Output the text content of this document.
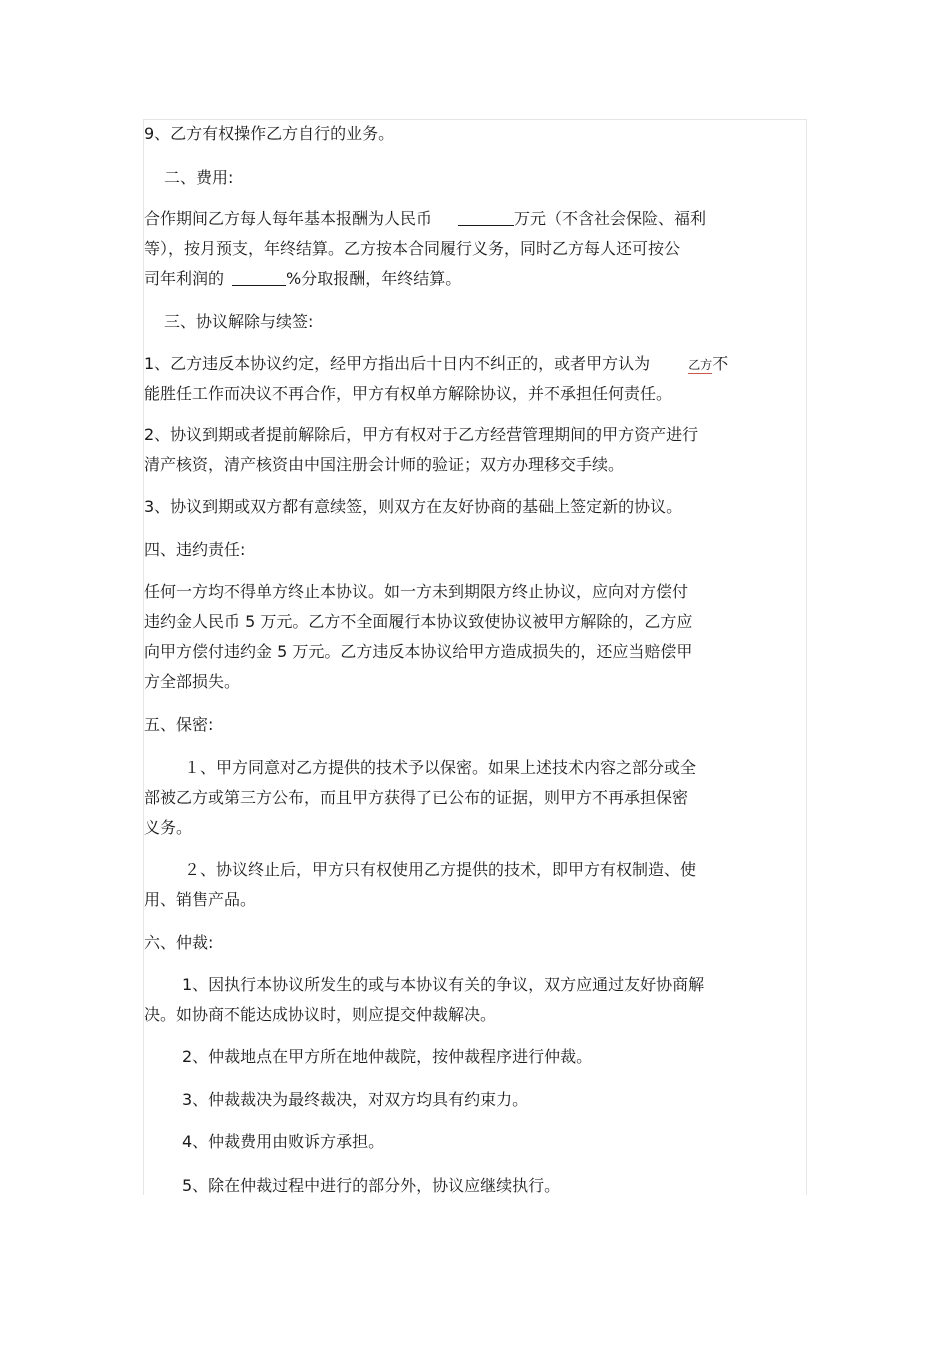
9、乙方有权操作乙方自行的业务。
二、费用:
合作期间乙方每人每年基本报酬为人民币	万元（不含社会保险、福利
等），按月预支，年终结算。乙方按本合同履行义务，同时乙方每人还可按公
司年利润的	%分取报酬，年终结算。
三、协议解除与续签:
1、乙方违反本协议约定，经甲方指出后十日内不纠正的，或者甲方认为	乙方不
能胜任工作而决议不再合作，甲方有权单方解除协议，并不承担任何责任。
2、协议到期或者提前解除后，甲方有权对于乙方经营管理期间的甲方资产进行
清产核资，清产核资由中国注册会计师的验证；双方办理移交手续。
3、协议到期或双方都有意续签，则双方在友好协商的基础上签定新的协议。
四、违约责任:
任何一方均不得单方终止本协议。如一方未到期限方终止协议，应向对方偿付
违约金人民币 5 万元。乙方不全面履行本协议致使协议被甲方解除的，乙方应
向甲方偿付违约金 5 万元。乙方违反本协议给甲方造成损失的，还应当赔偿甲
方全部损失。
五、保密:
１、甲方同意对乙方提供的技术予以保密。如果上述技术内容之部分或全
部被乙方或第三方公布，而且甲方获得了已公布的证据，则甲方不再承担保密
义务。
２、协议终止后，甲方只有权使用乙方提供的技术，即甲方有权制造、使
用、销售产品。
六、仲裁:
1、因执行本协议所发生的或与本协议有关的争议，双方应通过友好协商解
决。如协商不能达成协议时，则应提交仲裁解决。
2、仲裁地点在甲方所在地仲裁院，按仲裁程序进行仲裁。
3、仲裁裁决为最终裁决，对双方均具有约束力。
4、仲裁费用由败诉方承担。
5、除在仲裁过程中进行的部分外，协议应继续执行。
